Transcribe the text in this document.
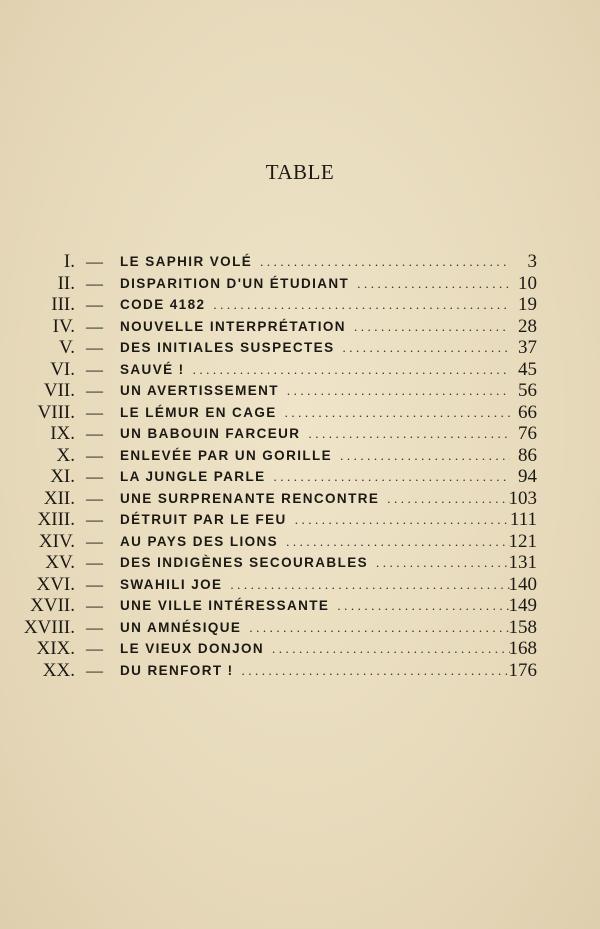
TABLE
I. — LE SAPHIR VOLÉ .....	3
II. — DISPARITION D'UN ÉTUDIANT .....	10
III. — CODE 4182 .....	19
IV. — NOUVELLE INTERPRÉTATION .....	28
V. — DES INITIALES SUSPECTES .....	37
VI. — SAUVÉ ! .....	45
VII. — UN AVERTISSEMENT .....	56
VIII. — LE LÉMUR EN CAGE .....	66
IX. — UN BABOUIN FARCEUR .....	76
X. — ENLEVÉE PAR UN GORILLE .....	86
XI. — LA JUNGLE PARLE .....	94
XII. — UNE SURPRENANTE RENCONTRE .....	103
XIII. — DÉTRUIT PAR LE FEU .....	111
XIV. — AU PAYS DES LIONS .....	121
XV. — DES INDIGÈNES SECOURABLES .....	131
XVI. — SWAHILI JOE .....	140
XVII. — UNE VILLE INTÉRESSANTE .....	149
XVIII. — UN AMNÉSIQUE .....	158
XIX. — LE VIEUX DONJON .....	168
XX. — DU RENFORT ! .....	176
